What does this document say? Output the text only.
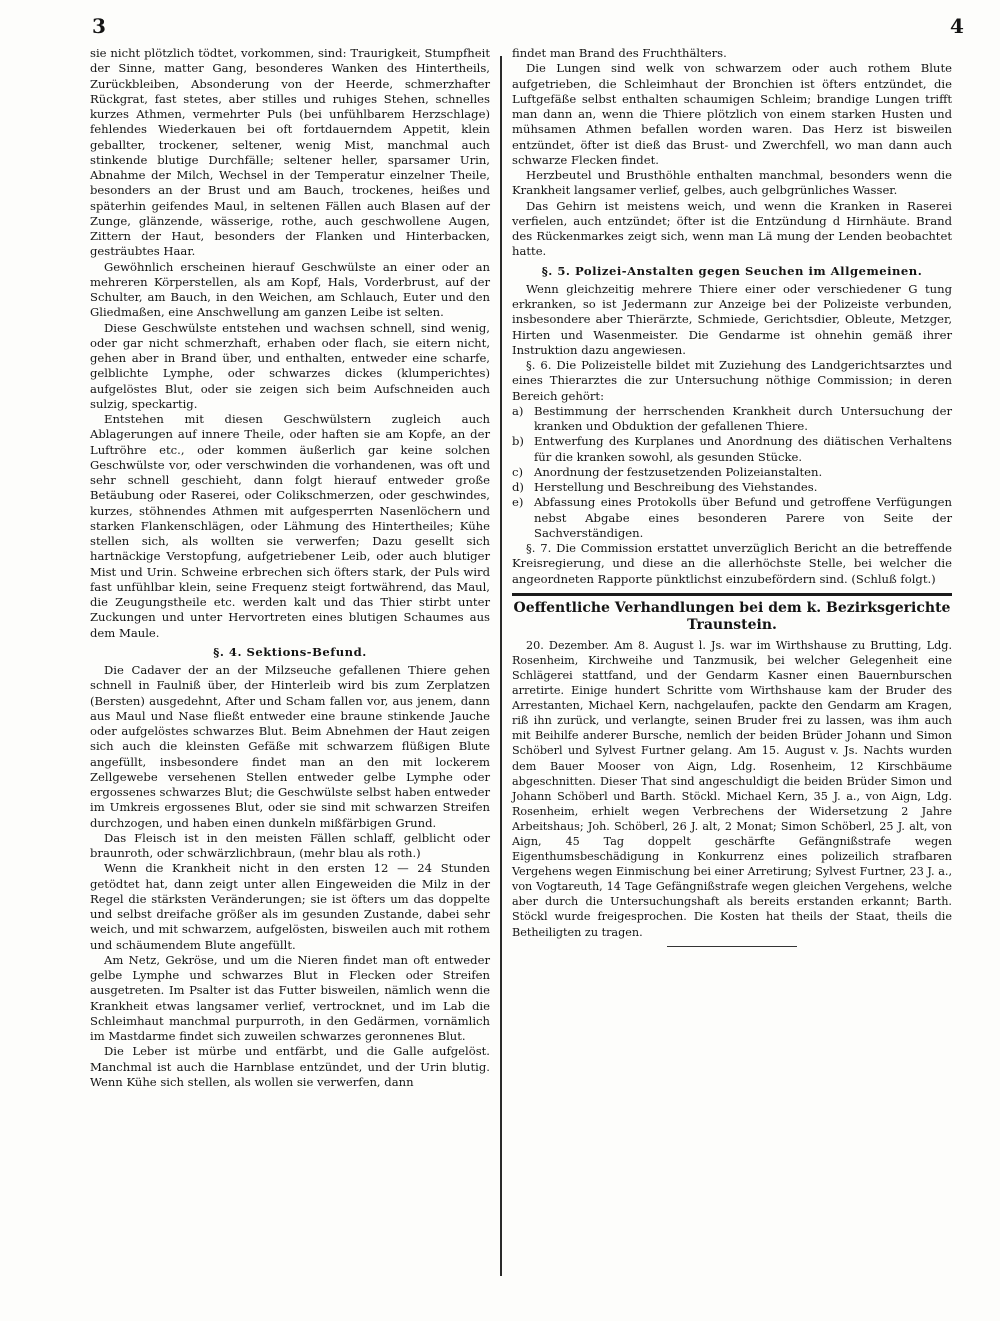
3	4

sie nicht plötzlich tödtet, vorkommen, sind: Traurigkeit, Stumpfheit der Sinne, matter Gang, besonderes Wanken des Hintertheils, Zurückbleiben, Absonderung von der Heerde, schmerzhafter Rückgrat, fast stetes, aber stilles und ruhiges Stehen, schnelles kurzes Athmen, vermehrter Puls (bei unfühlbarem Herzschlage) fehlendes Wiederkauen bei oft fortdauerndem Appetit, klein geballter, trockener, seltener, wenig Mist, manchmal auch stinkende blutige Durchfälle; seltener heller, sparsamer Urin, Abnahme der Milch, Wechsel in der Temperatur einzelner Theile, besonders an der Brust und am Bauch, trockenes, heißes und späterhin geifendes Maul, in seltenen Fällen auch Blasen auf der Zunge, glänzende, wässerige, rothe, auch geschwollene Augen, Zittern der Haut, besonders der Flanken und Hinterbacken, gesträubtes Haar.

Gewöhnlich erscheinen hierauf Geschwülste an einer oder an mehreren Körperstellen, als am Kopf, Hals, Vorderbrust, auf der Schulter, am Bauch, in den Weichen, am Schlauch, Euter und den Gliedmaßen, eine Anschwellung am ganzen Leibe ist selten.

Diese Geschwülste entstehen und wachsen schnell, sind wenig, oder gar nicht schmerzhaft, erhaben oder flach, sie eitern nicht, gehen aber in Brand über, und enthalten, entweder eine scharfe, gelblichte Lymphe, oder schwarzes dickes (klumperichtes) aufgelöstes Blut, oder sie zeigen sich beim Aufschneiden auch sulzig, speckartig.

Entstehen mit diesen Geschwülstern zugleich auch Ablagerungen auf innere Theile, oder haften sie am Kopfe, an der Luftröhre etc., oder kommen äußerlich gar keine solchen Geschwülste vor, oder verschwinden die vorhandenen, was oft und sehr schnell geschieht, dann folgt hierauf entweder große Betäubung oder Raserei, oder Colikschmerzen, oder geschwindes, kurzes, stöhnendes Athmen mit aufgesperrten Nasenlöchern und starken Flankenschlägen, oder Lähmung des Hintertheiles; Kühe stellen sich, als wollten sie verwerfen; Dazu gesellt sich hartnäckige Verstopfung, aufgetriebener Leib, oder auch blutiger Mist und Urin. Schweine erbrechen sich öfters stark, der Puls wird fast unfühlbar klein, seine Frequenz steigt fortwährend, das Maul, die Zeugungstheile etc. werden kalt und das Thier stirbt unter Zuckungen und unter Hervortreten eines blutigen Schaumes aus dem Maule.

§. 4. Sektions-Befund.

Die Cadaver der an der Milzseuche gefallenen Thiere gehen schnell in Faulniß über, der Hinterleib wird bis zum Zerplatzen (Bersten) ausgedehnt, After und Scham fallen vor, aus jenem, dann aus Maul und Nase fließt entweder eine braune stinkende Jauche oder aufgelöstes schwarzes Blut. Beim Abnehmen der Haut zeigen sich auch die kleinsten Gefäße mit schwarzem flüßigen Blute angefüllt, insbesondere findet man an den mit lockerem Zellgewebe versehenen Stellen entweder gelbe Lymphe oder ergossenes schwarzes Blut; die Geschwülste selbst haben entweder im Umkreis ergossenes Blut, oder sie sind mit schwarzen Streifen durchzogen, und haben einen dunkeln mißfärbigen Grund.

Das Fleisch ist in den meisten Fällen schlaff, gelblicht oder braunroth, oder schwärzlichbraun, (mehr blau als roth.)

Wenn die Krankheit nicht in den ersten 12 — 24 Stunden getödtet hat, dann zeigt unter allen Eingeweiden die Milz in der Regel die stärksten Veränderungen; sie ist öfters um das doppelte und selbst dreifache größer als im gesunden Zustande, dabei sehr weich, und mit schwarzem, aufgelösten, bisweilen auch mit rothem und schäumendem Blute angefüllt.

Am Netz, Gekröse, und um die Nieren findet man oft entweder gelbe Lymphe und schwarzes Blut in Flecken oder Streifen ausgetreten. Im Psalter ist das Futter bisweilen, nämlich wenn die Krankheit etwas langsamer verlief, vertrocknet, und im Lab die Schleimhaut manchmal purpurroth, in den Gedärmen, vornämlich im Mastdarme findet sich zuweilen schwarzes geronnenes Blut.

Die Leber ist mürbe und entfärbt, und die Galle aufgelöst. Manchmal ist auch die Harnblase entzündet, und der Urin blutig. Wenn Kühe sich stellen, als wollen sie verwerfen, dann

findet man Brand des Fruchthälters.

Die Lungen sind welk von schwarzem oder auch rothem Blute aufgetrieben, die Schleimhaut der Bronchien ist öfters entzündet, die Luftgefäße selbst enthalten schaumigen Schleim; brandige Lungen trifft man dann an, wenn die Thiere plötzlich von einem starken Husten und mühsamen Athmen befallen worden waren. Das Herz ist bisweilen entzündet, öfter ist dieß das Brust- und Zwerchfell, wo man dann auch schwarze Flecken findet.

Herzbeutel und Brusthöhle enthalten manchmal, besonders wenn die Krankheit langsamer verlief, gelbes, auch gelbgrünliches Wasser.

Das Gehirn ist meistens weich, und wenn die Kranken in Raserei verfielen, auch entzündet; öfter ist die Entzündung d Hirnhäute. Brand des Rückenmarkes zeigt sich, wenn man Lä mung der Lenden beobachtet hatte.

§. 5. Polizei-Anstalten gegen Seuchen im Allgemeinen.

Wenn gleichzeitig mehrere Thiere einer oder verschiedener G tung erkranken, so ist Jedermann zur Anzeige bei der Polizeiste verbunden, insbesondere aber Thierärzte, Schmiede, Gerichtsdier, Obleute, Metzger, Hirten und Wasenmeister. Die Gendarme ist ohnehin gemäß ihrer Instruktion dazu angewiesen.

§. 6. Die Polizeistelle bildet mit Zuziehung des Landgerichtsarztes und eines Thierarztes die zur Untersuchung nöthige Commission; in deren Bereich gehört:

a) Bestimmung der herrschenden Krankheit durch Untersuchung der kranken und Obduktion der gefallenen Thiere.
b) Entwerfung des Kurplanes und Anordnung des diätischen Verhaltens für die kranken sowohl, als gesunden Stücke.
c) Anordnung der festzusetzenden Polizeianstalten.
d) Herstellung und Beschreibung des Viehstandes.
e) Abfassung eines Protokolls über Befund und getroffene Verfügungen nebst Abgabe eines besonderen Parere von Seite der Sachverständigen.

§. 7. Die Commission erstattet unverzüglich Bericht an die betreffende Kreisregierung, und diese an die allerhöchste Stelle, bei welcher die angeordneten Rapporte pünktlichst einzubefördern sind. (Schluß folgt.)

Oeffentliche Verhandlungen bei dem k. Bezirksgerichte Traunstein.

20. Dezember. Am 8. August l. Js. war im Wirthshause zu Brutting, Ldg. Rosenheim, Kirchweihe und Tanzmusik, bei welcher Gelegenheit eine Schlägerei stattfand, und der Gendarm Kasner einen Bauernburschen arretirte. Einige hundert Schritte vom Wirthshause kam der Bruder des Arrestanten, Michael Kern, nachgelaufen, packte den Gendarm am Kragen, riß ihn zurück, und verlangte, seinen Bruder frei zu lassen, was ihm auch mit Beihilfe anderer Bursche, nemlich der beiden Brüder Johann und Simon Schöberl und Sylvest Furtner gelang. Am 15. August v. Js. Nachts wurden dem Bauer Mooser von Aign, Ldg. Rosenheim, 12 Kirschbäume abgeschnitten. Dieser That sind angeschuldigt die beiden Brüder Simon und Johann Schöberl und Barth. Stöckl. Michael Kern, 35 J. a., von Aign, Ldg. Rosenheim, erhielt wegen Verbrechens der Widersetzung 2 Jahre Arbeitshaus; Joh. Schöberl, 26 J. alt, 2 Monat; Simon Schöberl, 25 J. alt, von Aign, 45 Tag doppelt geschärfte Gefängnißstrafe wegen Eigenthumsbeschädigung in Konkurrenz eines polizeilich strafbaren Vergehens wegen Einmischung bei einer Arretirung; Sylvest Furtner, 23 J. a., von Vogtareuth, 14 Tage Gefängnißstrafe wegen gleichen Vergehens, welche aber durch die Untersuchungshaft als bereits erstanden erkannt; Barth. Stöckl wurde freigesprochen. Die Kosten hat theils der Staat, theils die Betheiligten zu tragen.
